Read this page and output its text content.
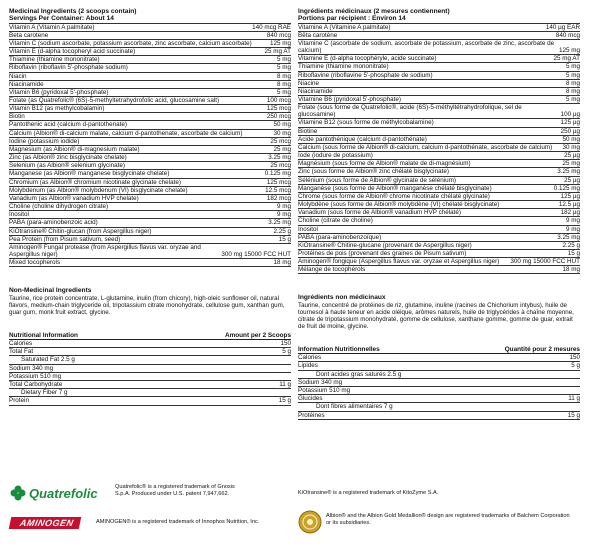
Medicinal Ingredients (2 scoops contain)
Servings Per Container: About 14
Vitamin A (Vitamin A palmitate)	140 mcg RAE
Beta carotene	840 mcg
Vitamin C (sodium ascorbate, potassium ascorbate, zinc ascorbate, calcium ascorbate)	125 mg
Vitamin E (d-alpha tocopheryl acid succinate)	25 mg AT
Thiamine (thiamine mononitrate)	5 mg
Riboflavin (riboflavin 5'-phosphate sodium)	5 mg
Niacin	8 mg
Niacinamide	8 mg
Vitamin B6 (pyridoxal 5'-phosphate)	5 mg
Folate (as Quatrefolic® (6S)-5-methyltetrahydrofolic acid, glucosamine salt)	100 mcg
Vitamin B12 (as methylcobalamin)	125 mcg
Biotin	250 mcg
Pantothenic acid (calcium d-pantothenate)	50 mg
Calcium (Albion® di-calcium malate, calcium d-pantothenate, ascorbate de calcium)	30 mg
Iodine (potassium iodide)	25 mcg
Magnesium (as Albion® di-magnesium malate)	25 mg
Zinc (as Albion® zinc bisglycinate chelate)	3.25 mg
Selenium (as Albion® selenium glycinate)	25 mcg
Manganese (as Albion® manganese bisglycinate chelate)	0.125 mg
Chromium (as Albion® chromium nicotinate glycinate chelate)	125 mcg
Molybdenum (as Albion® molybdenum (VI) bisglycinate chelate)	12.5 mcg
Vanadium (as Albion® vanadium HVP chelate)	182 mcg
Choline (choline dihydrogen citrate)	9 mg
Inositol	9 mg
PABA (para-aminobenzoic acid)	3.25 mg
KiOtransine® Chitin-glucan (from Aspergillus niger)	2.25 g
Pea Protein (from Pisum sativum, seed)	15 g
Aminogen® Fungal protease (from Aspergillus flavus var. oryzae and Aspergillus niger)	300 mg 15000 FCC HUT
Mixed tocopherols	18 mg
Non-Medicinal Ingredients
Taurine, rice protein concentrate, L-glutamine, inulin (from chicory), high-oleic sunflower oil, natural flavors, medium-chain triglyceride oil, tripotassium citrate monohydrate, cellulose gum, xanthan gum, guar gum, monk fruit extract, glycine.
Nutritional Information	Amount per 2 Scoops
Calories	150
Total Fat	5 g
Saturated Fat 2.5 g
Sodium 340 mg
Potassium 510 mg
Total Carbohydrate	11 g
Dietary Fiber 7 g
Protein	15 g
Ingrédients médicinaux (2 mesures contiennent)
Portions par récipient : Environ 14
Vitamine A (Vitamine A palmitate)	140 µg EAR
Bêta carotène	840 mcg
Vitamine C (ascorbate de sodium, ascorbate de potassium, ascorbate de zinc, ascorbate de calcium)	125 mg
Vitamine E (d-alpha tocophéryle, acide succinate)	25 mg AT
Thiamine (thiamine mononitrate)	5 mg
Riboflavine (riboflavine 5'-phosphate de sodium)	5 mg
Niacine	8 mg
Niacinamide	8 mg
Vitamine B6 (pyridoxal 5'-phosphate)	5 mg
Folate (sous forme de Quatrefolic®, acide (6S)-5-méthyltétrahydrofolique, sel de glucosamine)	100 µg
Vitamine B12 (sous forme de méthylcobalamine)	125 µg
Biotine	250 µg
Acide pantothénique (calcium d-pantothénate)	50 mg
Calcium (sous forme de Albion® di-calcium, calcium d-pantothénate, ascorbate de calcium)	30 mg
Iode (iodure de potassium)	25 µg
Magnésium (sous forme de Albion® malate de di-magnésium)	25 mg
Zinc (sous forme de Albion® zinc chélaté bisglycinate)	3.25 mg
Sélénium (sous forme de Albion® glycinate de sélénium)	25 µg
Manganèse (sous forme de Albion® manganèse chélaté bisglycinate)	0.125 mg
Chrome (sous forme de Albion® chrome nicotinate chélaté glycinate)	125 µg
Molybdène (sous forme de Albion® molybdène (VI) chélaté bisglycinate)	12.5 µg
Vanadium (sous forme de Albion® vanadium HVP chélaté)	182 µg
Choline (citrate de choline)	9 mg
Inositol	9 mg
PABA (para-aminobenzoïque)	3.25 mg
KiOtransine® Chitine-glucane (provenant de Aspergillus niger)	2.25 g
Protéines de pois (provenant des graines de Pisum sativum)	15 g
Aminogen® fongique (Aspergillus flavus var. oryzae et Aspergillus niger)	300 mg 15000 FCC HUT
Mélange de tocophérols	18 mg
Ingrédients non médicinaux
Taurine, concentré de protéines de riz, glutamine, inuline (racines de Chichorium intybus), huile de tournesol à haute teneur en acide oléique, arômes naturels, huile de triglycérides à chaîne moyenne, citrate de tripotassium monohydraté, gomme de cellulose, xanthane gomme, gomme de guar, extrait de fruit de moine, glycine.
Information Nutritionnelles	Quantité pour 2 mesures
Calories	150
Lipides	5 g
Dont acides gras saturés 2.5 g
Sodium 340 mg
Potassium 510 mg
Glucides	11 g
Dont fibres alimentaires 7 g
Protéines	15 g
Quatrefolic	Quatrefolic® is a registered trademark of Gnosis S.p.A. Produced under U.S. patent 7,947,662.
AMINOGEN	AMINOGEN® is a registered trademark of Innophos Nutrition, Inc.
KiOtransine® is a registered trademark of KitoZyme S.A.
Albion® and the Albion Gold Medallion® design are registered trademarks of Balchem Corporation or its subsidiaries.
